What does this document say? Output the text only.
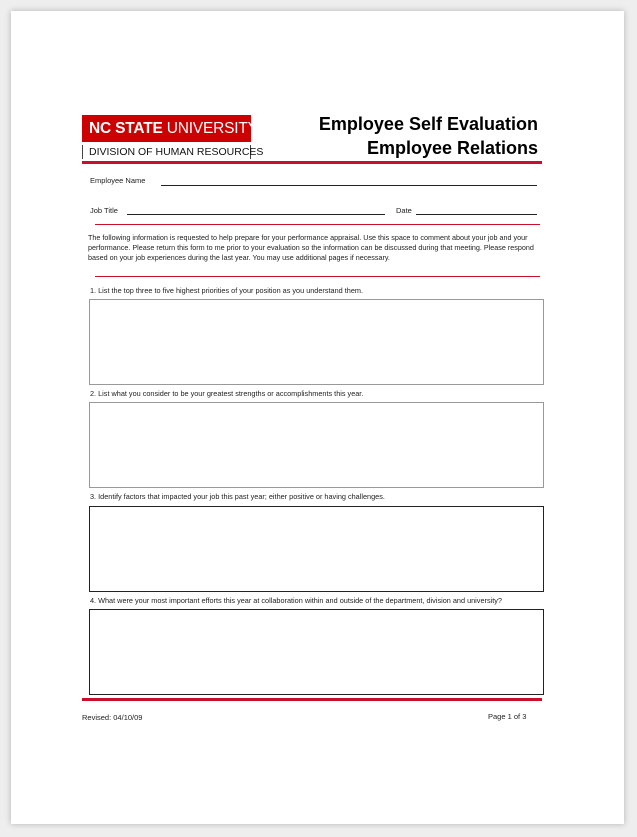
NC STATE UNIVERSITY
DIVISION OF HUMAN RESOURCES
Employee Self Evaluation
Employee Relations
Employee Name
Job Title	Date
The following information is requested to help prepare for your performance appraisal. Use this space to comment about your job and your performance. Please return this form to me prior to your evaluation so the information can be discussed during that meeting. Please respond based on your job experiences during the last year. You may use additional pages if necessary.
1. List the top three to five highest priorities of your position as you understand them.
2. List what you consider to be your greatest strengths or accomplishments this year.
3. Identify factors that impacted your job this past year; either positive or having challenges.
4. What were your most important efforts this year at collaboration within and outside of the department, division and university?
Revised: 04/10/09	Page 1 of 3
